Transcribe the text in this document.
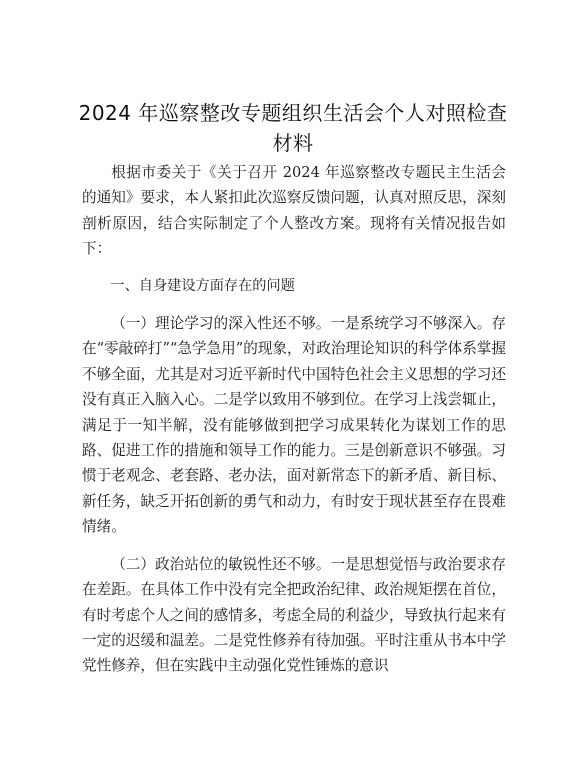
2024 年巡察整改专题组织生活会个人对照检查
材料

根据市委关于《关于召开 2024 年巡察整改专题民主生活会的通知》要求，本人紧扣此次巡察反馈问题，认真对照反思，深刻剖析原因，结合实际制定了个人整改方案。现将有关情况报告如下：

一、自身建设方面存在的问题

（一）理论学习的深入性还不够。一是系统学习不够深入。存在“零敲碎打”“急学急用”的现象，对政治理论知识的科学体系掌握不够全面，尤其是对习近平新时代中国特色社会主义思想的学习还没有真正入脑入心。二是学以致用不够到位。在学习上浅尝辄止，满足于一知半解，没有能够做到把学习成果转化为谋划工作的思路、促进工作的措施和领导工作的能力。三是创新意识不够强。习惯于老观念、老套路、老办法，面对新常态下的新矛盾、新目标、新任务，缺乏开拓创新的勇气和动力，有时安于现状甚至存在畏难情绪。

（二）政治站位的敏锐性还不够。一是思想觉悟与政治要求存在差距。在具体工作中没有完全把政治纪律、政治规矩摆在首位，有时考虑个人之间的感情多，考虑全局的利益少，导致执行起来有一定的迟缓和温差。二是党性修养有待加强。平时注重从书本中学党性修养，但在实践中主动强化党性锤炼的意识
